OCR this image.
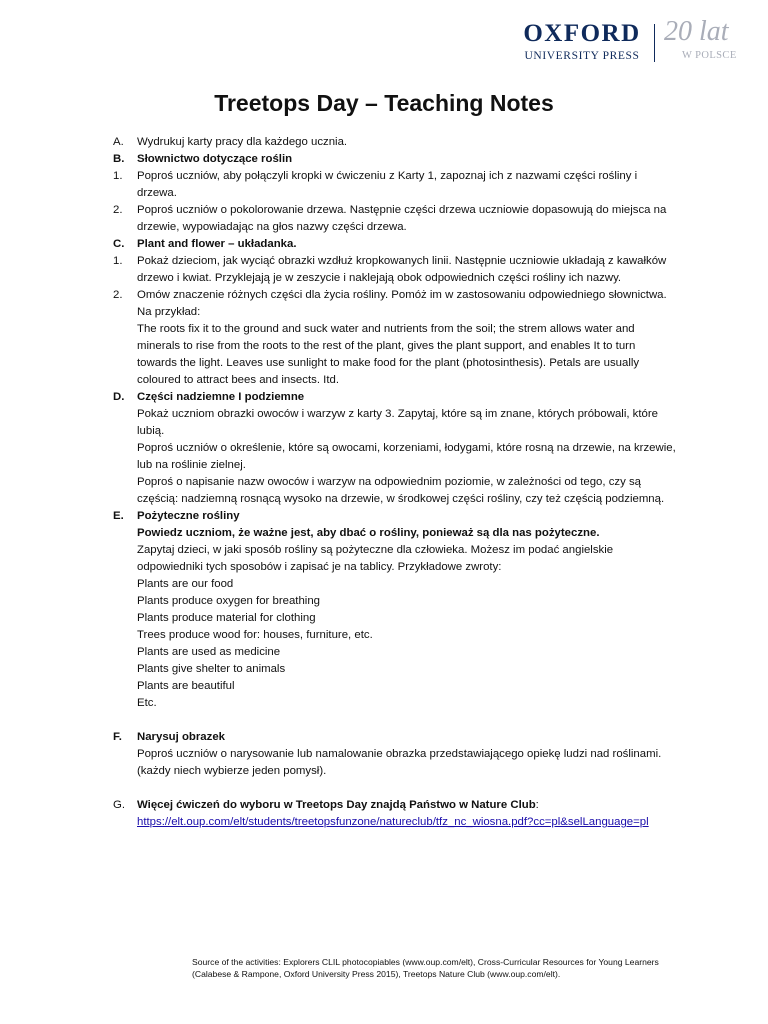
OXFORD
UNIVERSITY PRESS
20 lat
W POLSCE
Treetops Day – Teaching Notes
A. Wydrukuj karty pracy dla każdego ucznia.
B. Słownictwo dotyczące roślin
1. Poproś uczniów, aby połączyli kropki w ćwiczeniu z Karty 1, zapoznaj ich z nazwami części rośliny i drzewa.
2. Poproś uczniów o pokolorowanie drzewa. Następnie części drzewa uczniowie dopasowują do miejsca na drzewie, wypowiadając na głos nazwy części drzewa.
C. Plant and flower – układanka.
1. Pokaż dzieciom, jak wyciąć obrazki wzdłuż kropkowanych linii. Następnie uczniowie układają z kawałków drzewo i kwiat. Przyklejają je w zeszycie i naklejają obok odpowiednich części rośliny ich nazwy.
2. Omów znaczenie różnych części dla życia rośliny. Pomóż im w zastosowaniu odpowiedniego słownictwa. Na przykład:
The roots fix it to the ground and suck water and nutrients from the soil; the strem allows water and minerals to rise from the roots to the rest of the plant, gives the plant support, and enables It to turn towards the light. Leaves use sunlight to make food for the plant (photosinthesis). Petals are usually coloured to attract bees and insects. Itd.
D. Części nadziemne I podziemne
Pokaż uczniom obrazki owoców i warzyw z karty 3. Zapytaj, które są im znane, których próbowali, które lubią.
Poproś uczniów o określenie, które są owocami, korzeniami, łodygami, które rosną na drzewie, na krzewie, lub na roślinie zielnej.
Poproś o napisanie nazw owoców i warzyw na odpowiednim poziomie, w zależności od tego, czy są częścią: nadziemną rosnącą wysoko na drzewie, w środkowej części rośliny, czy też częścią podziemną.
E. Pożyteczne rośliny
Powiedz uczniom, że ważne jest, aby dbać o rośliny, ponieważ są dla nas pożyteczne.
Zapytaj dzieci, w jaki sposób rośliny są pożyteczne dla człowieka. Możesz im podać angielskie odpowiedniki tych sposobów i zapisać je na tablicy. Przykładowe zwroty:
Plants are our food
Plants produce oxygen for breathing
Plants produce material for clothing
Trees produce wood for: houses, furniture, etc.
Plants are used as medicine
Plants give shelter to animals
Plants are beautiful
Etc.
F. Narysuj obrazek
Poproś uczniów o narysowanie lub namalowanie obrazka przedstawiającego opiekę ludzi nad roślinami. (każdy niech wybierze jeden pomysł).
G. Więcej ćwiczeń do wyboru w Treetops Day znajdą Państwo w Nature Club:
https://elt.oup.com/elt/students/treetopsfunzone/natureclub/tfz_nc_wiosna.pdf?cc=pl&selLanguage=pl
Source of the activities: Explorers CLIL photocopiables (www.oup.com/elt), Cross-Curricular Resources for Young Learners (Calabese & Rampone, Oxford University Press 2015), Treetops Nature Club (www.oup.com/elt).
